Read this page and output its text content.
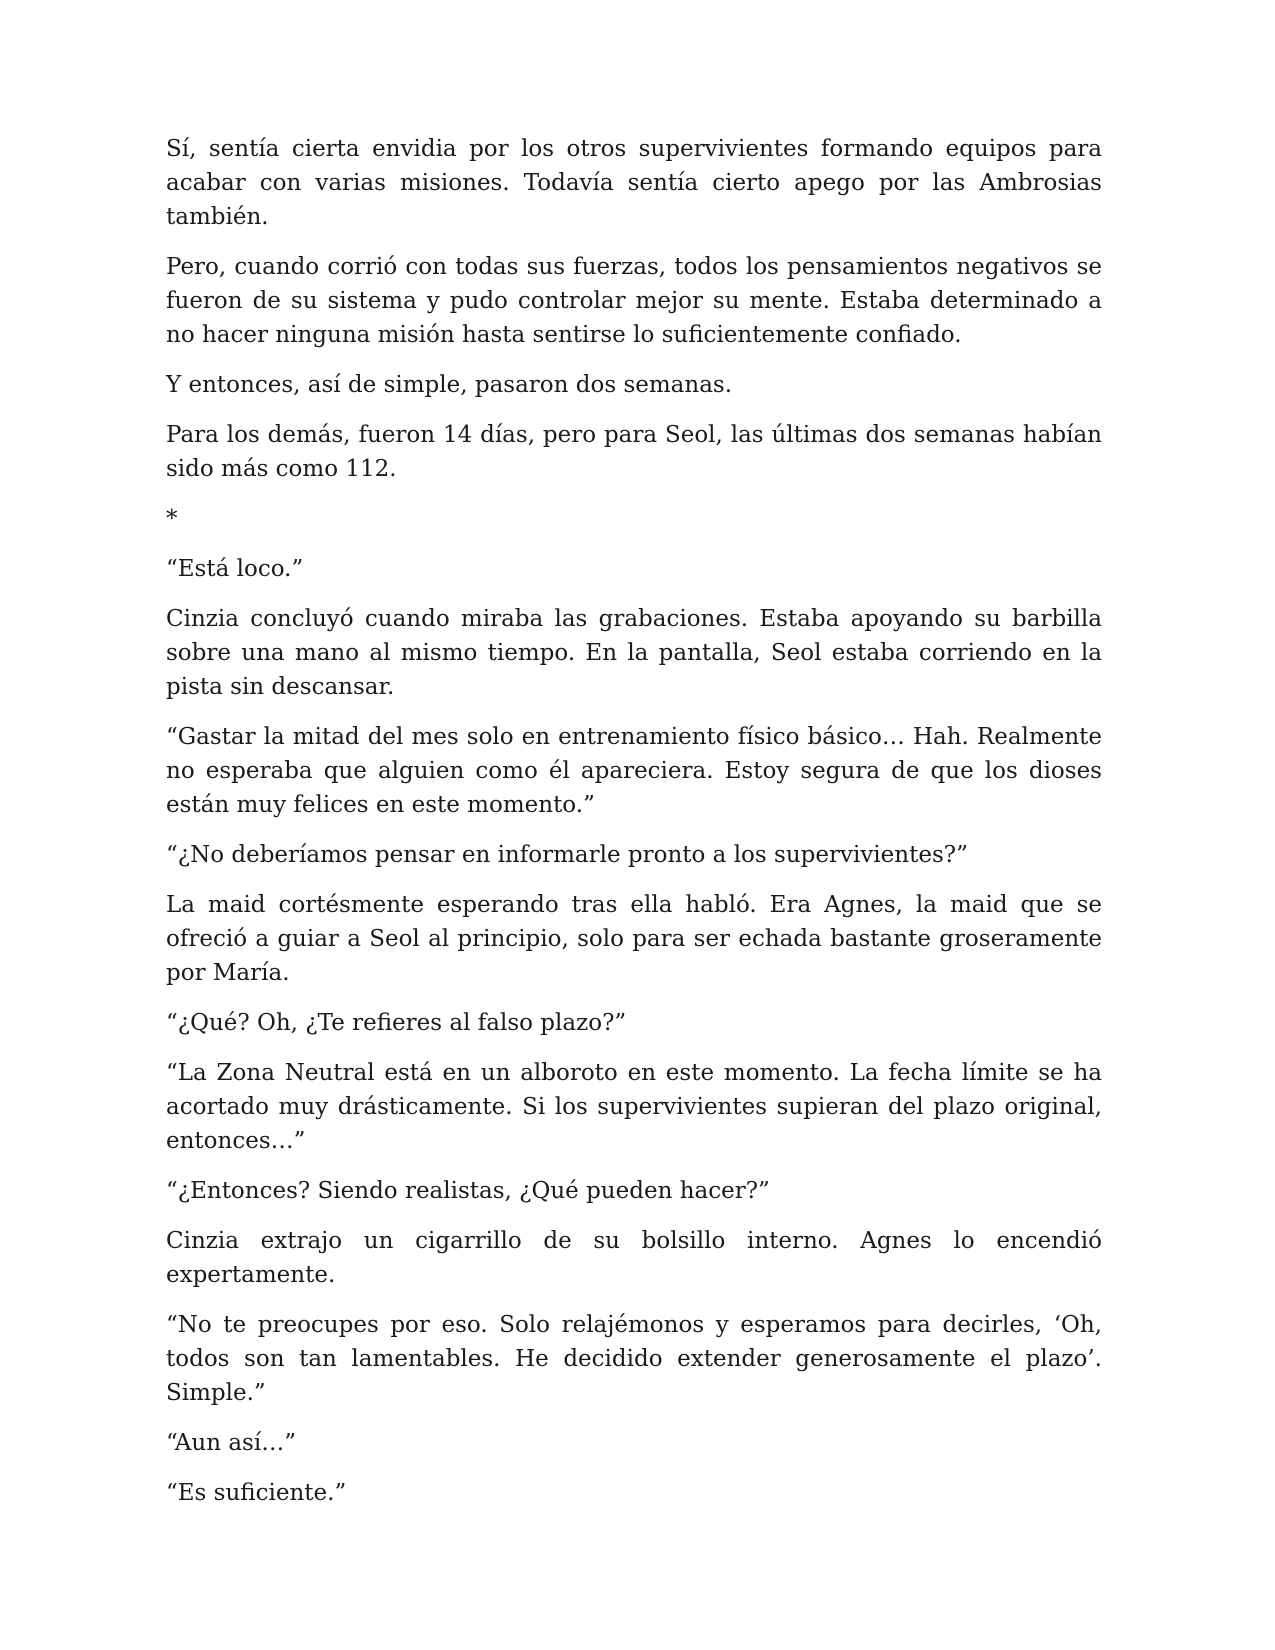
Sí, sentía cierta envidia por los otros supervivientes formando equipos para acabar con varias misiones. Todavía sentía cierto apego por las Ambrosias también.

Pero, cuando corrió con todas sus fuerzas, todos los pensamientos negativos se fueron de su sistema y pudo controlar mejor su mente. Estaba determinado a no hacer ninguna misión hasta sentirse lo suficientemente confiado.

Y entonces, así de simple, pasaron dos semanas.

Para los demás, fueron 14 días, pero para Seol, las últimas dos semanas habían sido más como 112.

*

“Está loco.”

Cinzia concluyó cuando miraba las grabaciones. Estaba apoyando su barbilla sobre una mano al mismo tiempo. En la pantalla, Seol estaba corriendo en la pista sin descansar.

“Gastar la mitad del mes solo en entrenamiento físico básico… Hah. Realmente no esperaba que alguien como él apareciera. Estoy segura de que los dioses están muy felices en este momento.”

“¿No deberíamos pensar en informarle pronto a los supervivientes?”

La maid cortésmente esperando tras ella habló. Era Agnes, la maid que se ofreció a guiar a Seol al principio, solo para ser echada bastante groseramente por María.

“¿Qué? Oh, ¿Te refieres al falso plazo?”

“La Zona Neutral está en un alboroto en este momento. La fecha límite se ha acortado muy drásticamente. Si los supervivientes supieran del plazo original, entonces…”

“¿Entonces? Siendo realistas, ¿Qué pueden hacer?”

Cinzia extrajo un cigarrillo de su bolsillo interno. Agnes lo encendió expertamente.

“No te preocupes por eso. Solo relajémonos y esperamos para decirles, ‘Oh, todos son tan lamentables. He decidido extender generosamente el plazo’. Simple.”

“Aun así…”

“Es suficiente.”
